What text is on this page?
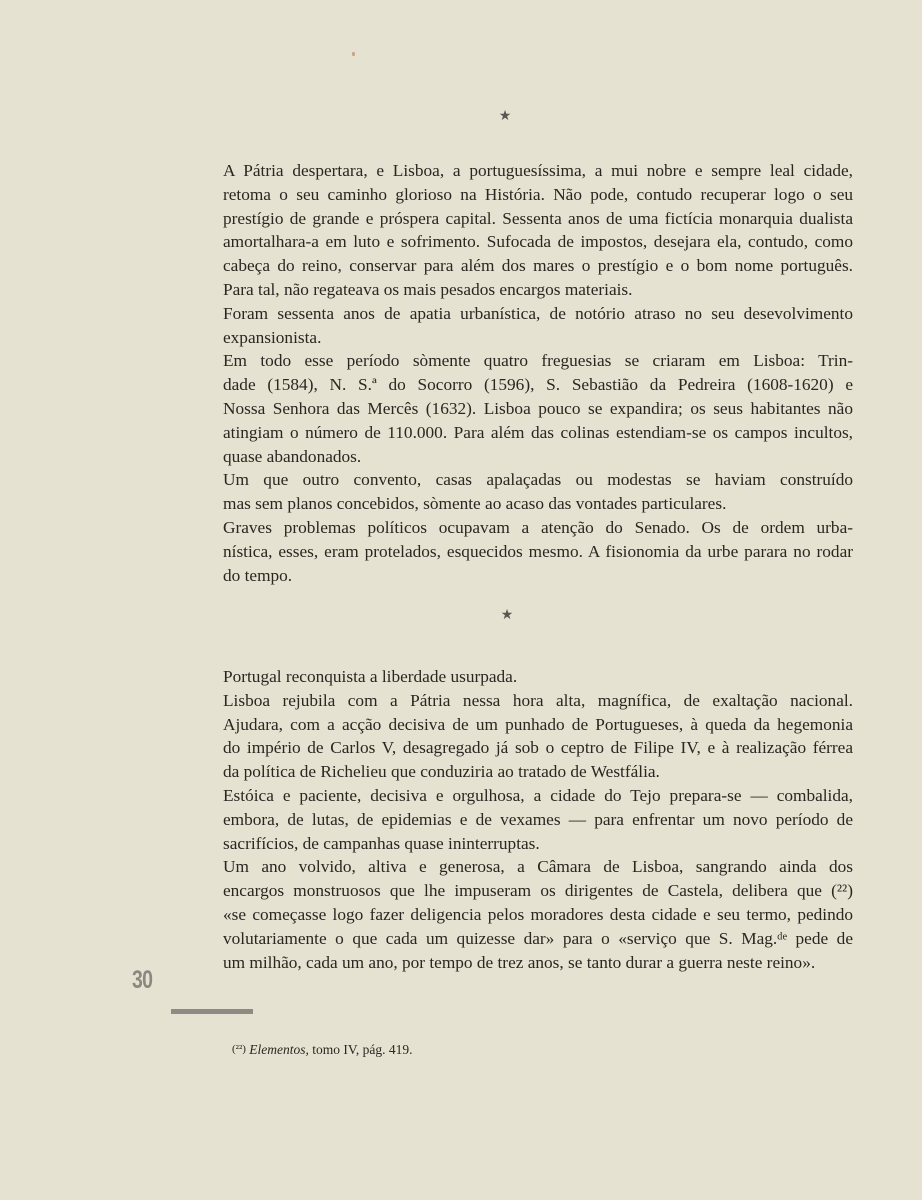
★

A Pátria despertara, e Lisboa, a portuguesíssima, a mui nobre e sempre leal cidade,
retoma o seu caminho glorioso na História. Não pode, contudo recuperar logo o seu
prestígio de grande e próspera capital. Sessenta anos de uma fictícia monarquia dualista
amortalhara-a em luto e sofrimento. Sufocada de impostos, desejara ela, contudo, como
cabeça do reino, conservar para além dos mares o prestígio e o bom nome português.
Para tal, não regateava os mais pesados encargos materiais.

Foram sessenta anos de apatia urbanística, de notório atraso no seu desevolvimento
expansionista.

Em todo esse período sòmente quatro freguesias se criaram em Lisboa: Trin-
dade (1584), N. S.ª do Socorro (1596), S. Sebastião da Pedreira (1608-1620) e
Nossa Senhora das Mercês (1632). Lisboa pouco se expandira; os seus habitantes não
atingiam o número de 110.000. Para além das colinas estendiam-se os campos incultos,
quase abandonados.

Um que outro convento, casas apalaçadas ou modestas se haviam construído
mas sem planos concebidos, sòmente ao acaso das vontades particulares.

Graves problemas políticos ocupavam a atenção do Senado. Os de ordem urba-
nística, esses, eram protelados, esquecidos mesmo. A fisionomia da urbe parara no rodar
do tempo.

★

Portugal reconquista a liberdade usurpada.

Lisboa rejubila com a Pátria nessa hora alta, magnífica, de exaltação nacional.
Ajudara, com a acção decisiva de um punhado de Portugueses, à queda da hegemonia
do império de Carlos V, desagregado já sob o ceptro de Filipe IV, e à realização férrea
da política de Richelieu que conduziria ao tratado de Westfália.

Estóica e paciente, decisiva e orgulhosa, a cidade do Tejo prepara-se — combalida,
embora, de lutas, de epidemias e de vexames — para enfrentar um novo período de
sacrifícios, de campanhas quase ininterruptas.

Um ano volvido, altiva e generosa, a Câmara de Lisboa, sangrando ainda dos
encargos monstruosos que lhe impuseram os dirigentes de Castela, delibera que (²²)
«se começasse logo fazer deligencia pelos moradores desta cidade e seu termo, pedindo
volutariamente o que cada um quizesse dar» para o «serviço que S. Mag.ᵈᵉ pede de
um milhão, cada um ano, por tempo de trez anos, se tanto durar a guerra neste reino».

30
(²²) Elementos, tomo IV, pág. 419.
